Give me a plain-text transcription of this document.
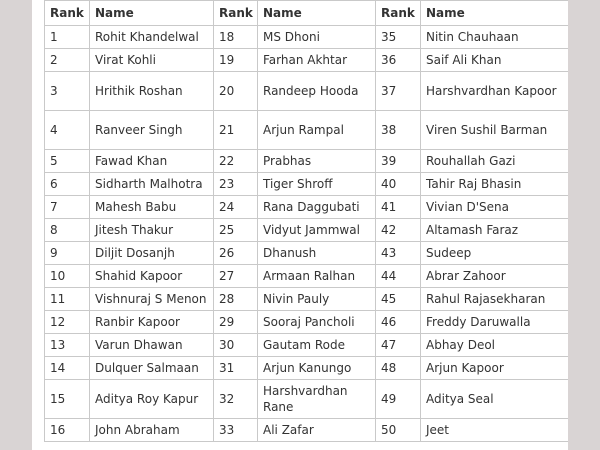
Rank	Name	Rank	Name	Rank	Name
1	Rohit Khandelwal	18	MS Dhoni	35	Nitin Chauhaan
2	Virat Kohli	19	Farhan Akhtar	36	Saif Ali Khan
3	Hrithik Roshan	20	Randeep Hooda	37	Harshvardhan Kapoor
4	Ranveer Singh	21	Arjun Rampal	38	Viren Sushil Barman
5	Fawad Khan	22	Prabhas	39	Rouhallah Gazi
6	Sidharth Malhotra	23	Tiger Shroff	40	Tahir Raj Bhasin
7	Mahesh Babu	24	Rana Daggubati	41	Vivian D'Sena
8	Jitesh Thakur	25	Vidyut Jammwal	42	Altamash Faraz
9	Diljit Dosanjh	26	Dhanush	43	Sudeep
10	Shahid Kapoor	27	Armaan Ralhan	44	Abrar Zahoor
11	Vishnuraj S Menon	28	Nivin Pauly	45	Rahul Rajasekharan
12	Ranbir Kapoor	29	Sooraj Pancholi	46	Freddy Daruwalla
13	Varun Dhawan	30	Gautam Rode	47	Abhay Deol
14	Dulquer Salmaan	31	Arjun Kanungo	48	Arjun Kapoor
15	Aditya Roy Kapur	32	Harshvardhan Rane	49	Aditya Seal
16	John Abraham	33	Ali Zafar	50	Jeet
